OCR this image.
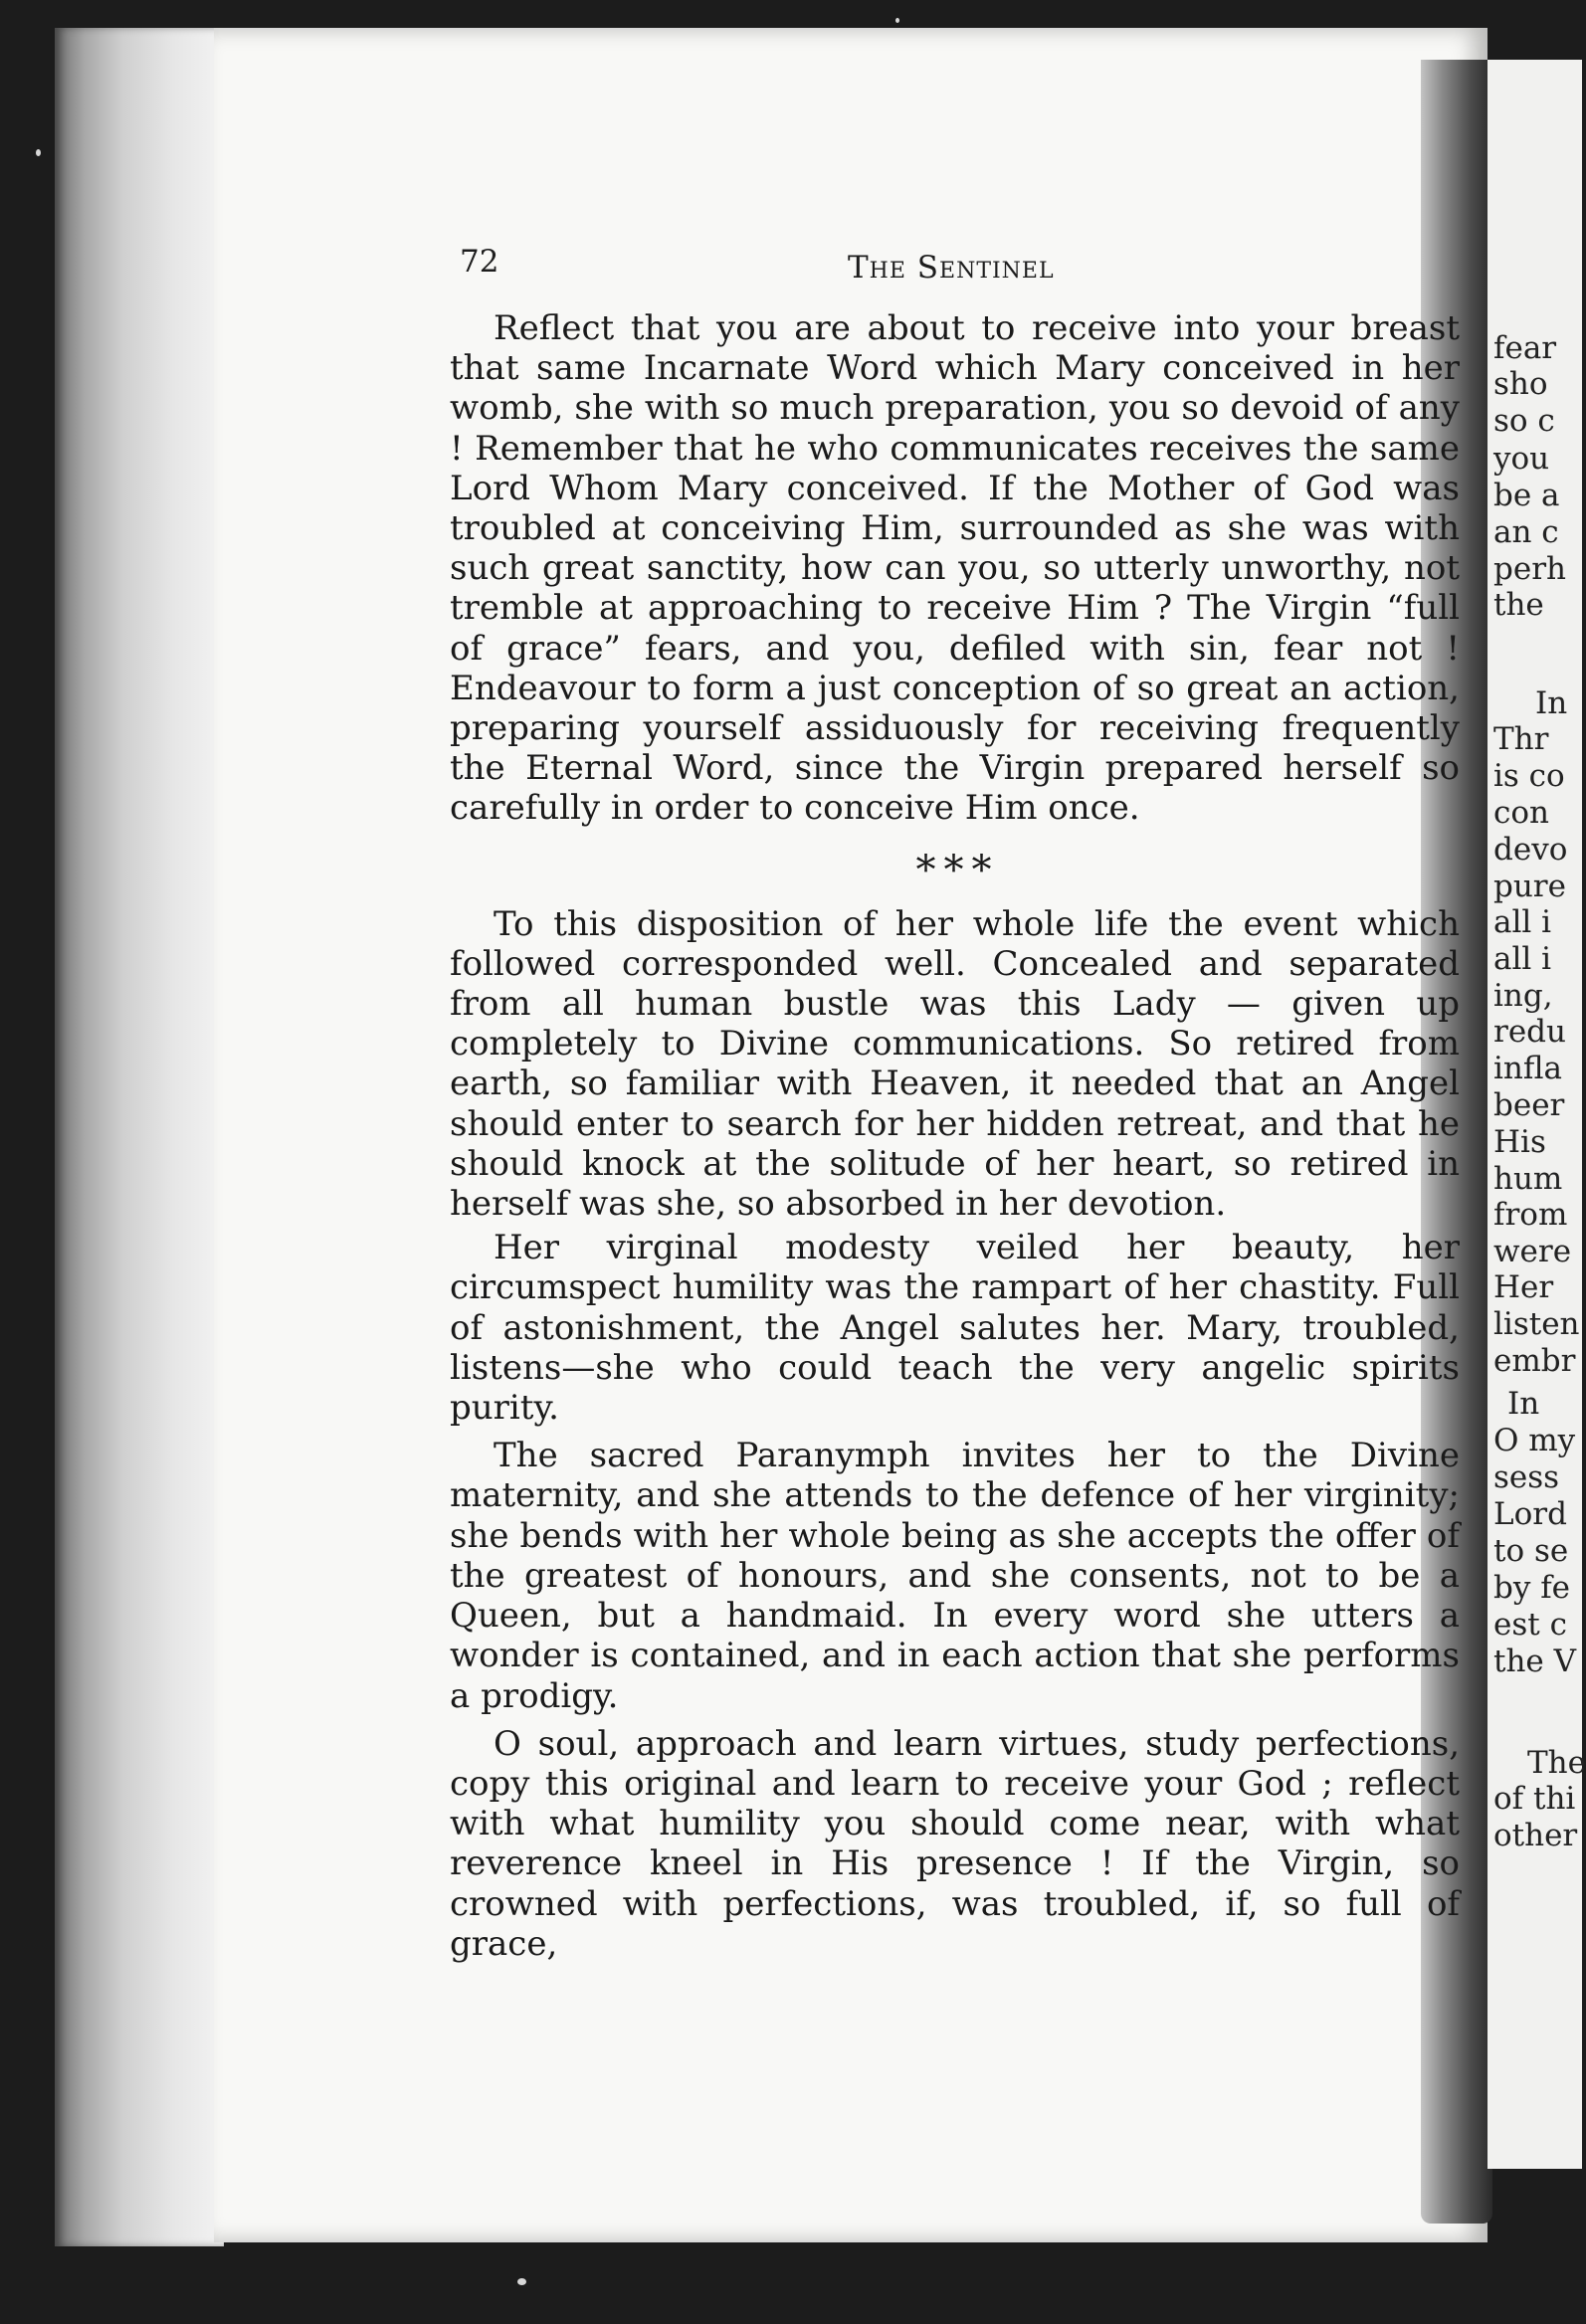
fear
sho
so c
you
be a
an c
perh
the
In
Thr
is co
con
devo
pure
all i
all i
ing,
redu
infla
beer
His
hum
from
were
Her
listen
embr
In
O my
sess
Lord
to se
by fe
est c
the V
The
of thi
other
72	The Sentinel

Reflect that you are about to receive into your breast that same Incarnate Word which Mary conceived in her womb, she with so much preparation, you so devoid of any ! Remember that he who communicates receives the same Lord Whom Mary conceived. If the Mother of God was troubled at conceiving Him, surrounded as she was with such great sanctity, how can you, so utterly unworthy, not tremble at approaching to receive Him ? The Virgin “full of grace” fears, and you, defiled with sin, fear not ! Endeavour to form a just conception of so great an action, preparing yourself assiduously for receiving frequently the Eternal Word, since the Virgin prepared herself so carefully in order to conceive Him once.

* * *

To this disposition of her whole life the event which followed corresponded well. Concealed and separated from all human bustle was this Lady — given up completely to Divine communications. So retired from earth, so familiar with Heaven, it needed that an Angel should enter to search for her hidden retreat, and that he should knock at the solitude of her heart, so retired in herself was she, so absorbed in her devotion.

Her virginal modesty veiled her beauty, her circumspect humility was the rampart of her chastity. Full of astonishment, the Angel salutes her. Mary, troubled, listens—she who could teach the very angelic spirits purity.

The sacred Paranymph invites her to the Divine maternity, and she attends to the defence of her virginity; she bends with her whole being as she accepts the offer of the greatest of honours, and she consents, not to be a Queen, but a handmaid. In every word she utters a wonder is contained, and in each action that she performs a prodigy.

O soul, approach and learn virtues, study perfections, copy this original and learn to receive your God ; reflect with what humility you should come near, with what reverence kneel in His presence ! If the Virgin, so crowned with perfections, was troubled, if, so full of grace,
